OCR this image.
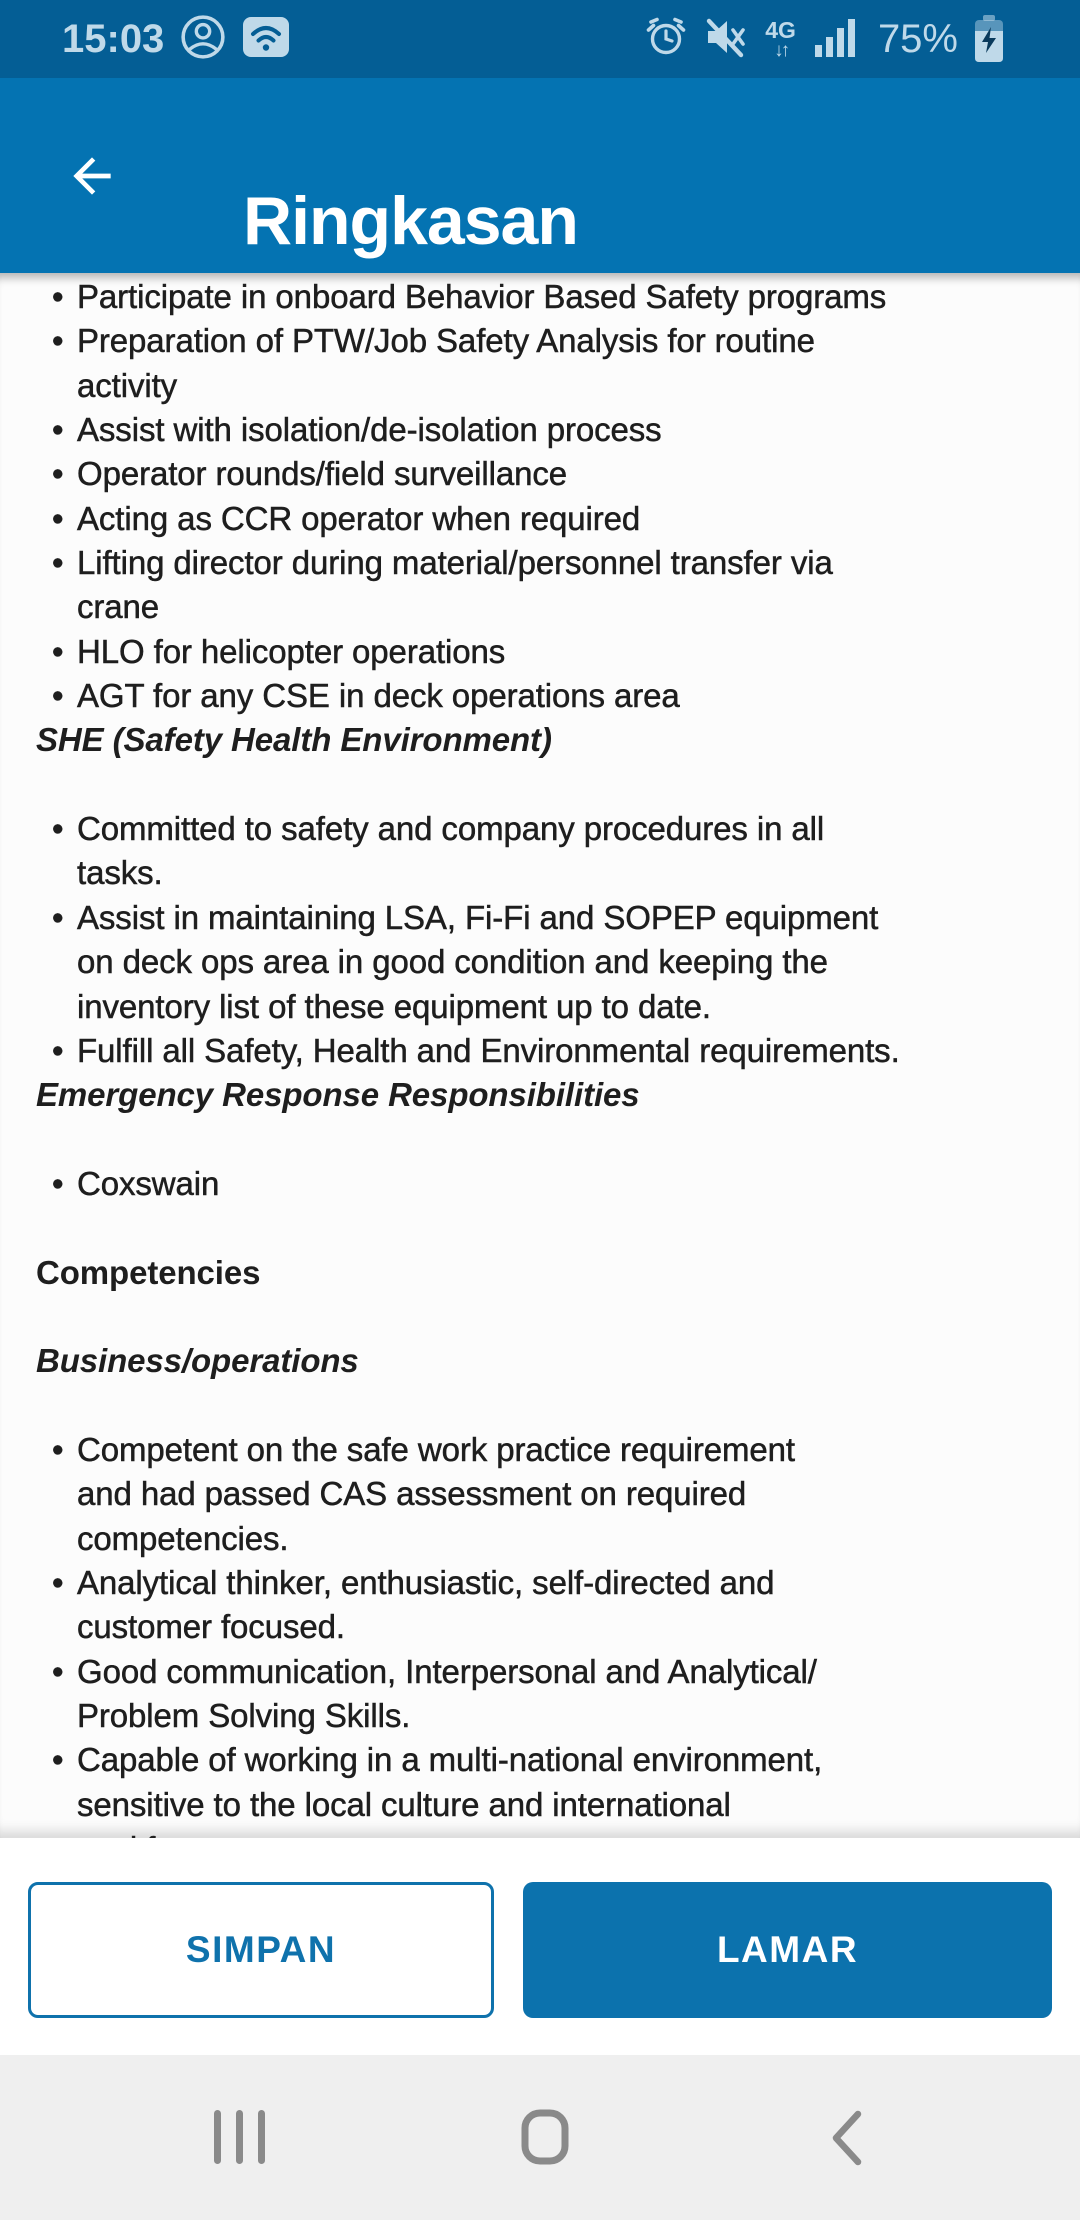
15:03	4G
↓↑ 75%
Ringkasan
• Participate in onboard Behavior Based Safety programs
• Preparation of PTW/Job Safety Analysis for routine
activity
• Assist with isolation/de-isolation process
• Operator rounds/field surveillance
• Acting as CCR operator when required
• Lifting director during material/personnel transfer via
crane
• HLO for helicopter operations
• AGT for any CSE in deck operations area
SHE (Safety Health Environment)
• Committed to safety and company procedures in all
tasks.
• Assist in maintaining LSA, Fi-Fi and SOPEP equipment
on deck ops area in good condition and keeping the
inventory list of these equipment up to date.
• Fulfill all Safety, Health and Environmental requirements.
Emergency Response Responsibilities
• Coxswain
Competencies
Business/operations
• Competent on the safe work practice requirement
and had passed CAS assessment on required
competencies.
• Analytical thinker, enthusiastic, self-directed and
customer focused.
• Good communication, Interpersonal and Analytical/
Problem Solving Skills.
• Capable of working in a multi-national environment,
sensitive to the local culture and international
SIMPAN	LAMAR
